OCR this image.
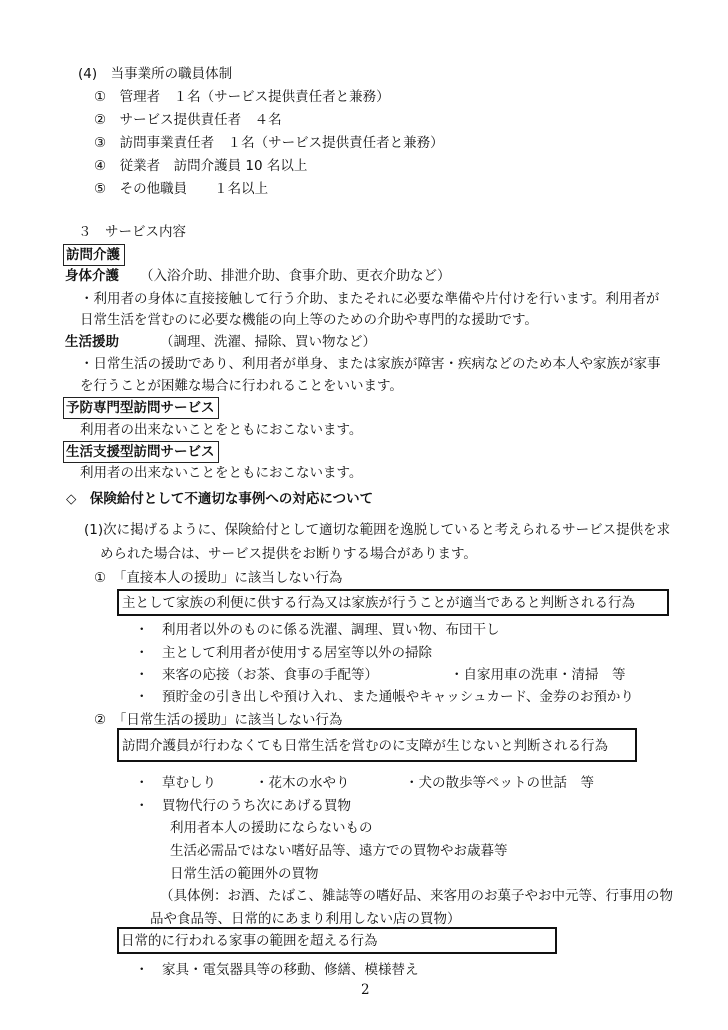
(4)　当事業所の職員体制
①　管理者　１名（サービス提供責任者と兼務）
②　サービス提供責任者　４名
③　訪問事業責任者　１名（サービス提供責任者と兼務）
④　従業者　訪問介護員 10 名以上
⑤　その他職員　　１名以上
３　サービス内容
訪問介護
身体介護 （入浴介助、排泄介助、食事介助、更衣介助など）
・利用者の身体に直接接触して行う介助、またそれに必要な準備や片付けを行います。利用者が
日常生活を営むのに必要な機能の向上等のための介助や専門的な援助です。
生活援助	（調理、洗濯、掃除、買い物など）
・日常生活の援助であり、利用者が単身、または家族が障害・疾病などのため本人や家族が家事
を行うことが困難な場合に行われることをいいます。
予防専門型訪問サービス
利用者の出来ないことをともにおこないます。
生活支援型訪問サービス
利用者の出来ないことをともにおこないます。
◇　保険給付として不適切な事例への対応について
(1)次に掲げるように、保険給付として適切な範囲を逸脱していると考えられるサービス提供を求
められた場合は、サービス提供をお断りする場合があります。
①　「直接本人の援助」に該当しない行為
主として家族の利便に供する行為又は家族が行うことが適当であると判断される行為
・　利用者以外のものに係る洗濯、調理、買い物、布団干し
・　主として利用者が使用する居室等以外の掃除
・　来客の応接（お茶、食事の手配等）	・自家用車の洗車・清掃　等
・　預貯金の引き出しや預け入れ、また通帳やキャッシュカード、金券のお預かり
②　「日常生活の援助」に該当しない行為
訪問介護員が行わなくても日常生活を営むのに支障が生じないと判断される行為
・　草むしり	・花木の水やり	・犬の散歩等ペットの世話　等
・　買物代行のうち次にあげる買物
利用者本人の援助にならないもの
生活必需品ではない嗜好品等、遠方での買物やお歳暮等
日常生活の範囲外の買物
（具体例：お酒、たばこ、雑誌等の嗜好品、来客用のお菓子やお中元等、行事用の物
品や食品等、日常的にあまり利用しない店の買物）
日常的に行われる家事の範囲を超える行為
・　家具・電気器具等の移動、修繕、模様替え
2
